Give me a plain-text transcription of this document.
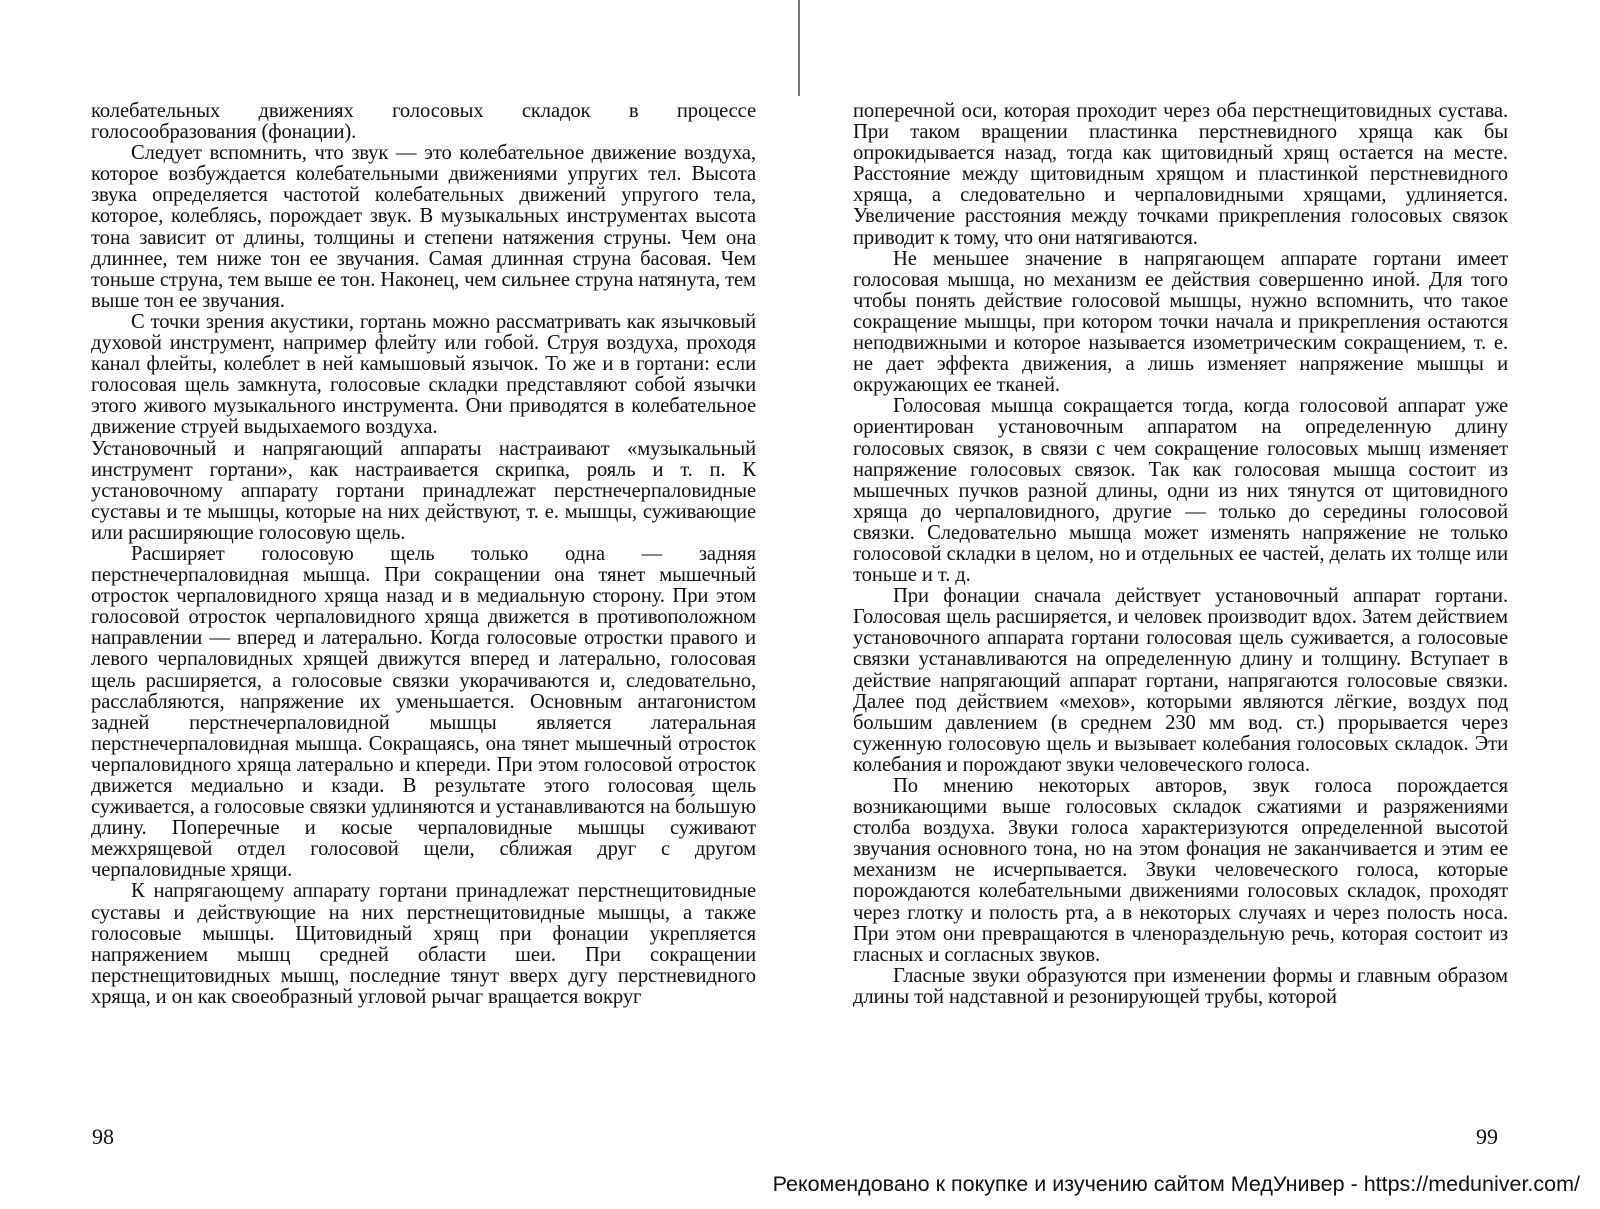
колебательных движениях голосовых складок в процессе голосообразования (фонации).

Следует вспомнить, что звук — это колебательное движение воздуха, которое возбуждается колебательными движениями упругих тел. Высота звука определяется частотой колебательных движений упругого тела, которое, колеблясь, порождает звук. В музыкальных инструментах высота тона зависит от длины, толщины и степени натяжения струны. Чем она длиннее, тем ниже тон ее звучания. Самая длинная струна басовая. Чем тоньше струна, тем выше ее тон. Наконец, чем сильнее струна натянута, тем выше тон ее звучания.

С точки зрения акустики, гортань можно рассматривать как язычковый духовой инструмент, например флейту или гобой. Струя воздуха, проходя канал флейты, колеблет в ней камышовый язычок. То же и в гортани: если голосовая щель замкнута, голосовые складки представляют собой язычки этого живого музыкального инструмента. Они приводятся в колебательное движение струей выдыхаемого воздуха.

Установочный и напрягающий аппараты настраивают «музыкальный инструмент гортани», как настраивается скрипка, рояль и т. п. К установочному аппарату гортани принадлежат перстнечерпаловидные суставы и те мышцы, которые на них действуют, т. е. мышцы, суживающие или расширяющие голосовую щель.

Расширяет голосовую щель только одна — задняя перстнечерпаловидная мышца. При сокращении она тянет мышечный отросток черпаловидного хряща назад и в медиальную сторону. При этом голосовой отросток черпаловидного хряща движется в противоположном направлении — вперед и латерально. Когда голосовые отростки правого и левого черпаловидных хрящей движутся вперед и латерально, голосовая щель расширяется, а голосовые связки укорачиваются и, следовательно, расслабляются, напряжение их уменьшается. Основным антагонистом задней перстнечерпаловидной мышцы является латеральная перстнечерпаловидная мышца. Сокращаясь, она тянет мышечный отросток черпаловидного хряща латерально и кпереди. При этом голосовой отросток движется медиально и кзади. В результате этого голосовая щель суживается, а голосовые связки удлиняются и устанавливаются на бо́льшую длину. Поперечные и косые черпаловидные мышцы суживают межхрящевой отдел голосовой щели, сближая друг с другом черпаловидные хрящи.

К напрягающему аппарату гортани принадлежат перстнещитовидные суставы и действующие на них перстнещитовидные мышцы, а также голосовые мышцы. Щитовидный хрящ при фонации укрепляется напряжением мышц средней области шеи. При сокращении перстнещитовидных мышц, последние тянут вверх дугу перстневидного хряща, и он как своеобразный угловой рычаг вращается вокруг

98

поперечной оси, которая проходит через оба перстнещитовидных сустава. При таком вращении пластинка перстневидного хряща как бы опрокидывается назад, тогда как щитовидный хрящ остается на месте. Расстояние между щитовидным хрящом и пластинкой перстневидного хряща, а следовательно и черпаловидными хрящами, удлиняется. Увеличение расстояния между точками прикрепления голосовых связок приводит к тому, что они натягиваются.

Не меньшее значение в напрягающем аппарате гортани имеет голосовая мышца, но механизм ее действия совершенно иной. Для того чтобы понять действие голосовой мышцы, нужно вспомнить, что такое сокращение мышцы, при котором точки начала и прикрепления остаются неподвижными и которое называется изометрическим сокращением, т. е. не дает эффекта движения, а лишь изменяет напряжение мышцы и окружающих ее тканей.

Голосовая мышца сокращается тогда, когда голосовой аппарат уже ориентирован установочным аппаратом на определенную длину голосовых связок, в связи с чем сокращение голосовых мышц изменяет напряжение голосовых связок. Так как голосовая мышца состоит из мышечных пучков разной длины, одни из них тянутся от щитовидного хряща до черпаловидного, другие — только до середины голосовой связки. Следовательно мышца может изменять напряжение не только голосовой складки в целом, но и отдельных ее частей, делать их толще или тоньше и т. д.

При фонации сначала действует установочный аппарат гортани. Голосовая щель расширяется, и человек производит вдох. Затем действием установочного аппарата гортани голосовая щель суживается, а голосовые связки устанавливаются на определенную длину и толщину. Вступает в действие напрягающий аппарат гортани, напрягаются голосовые связки. Далее под действием «мехов», которыми являются лёгкие, воздух под большим давлением (в среднем 230 мм вод. ст.) прорывается через суженную голосовую щель и вызывает колебания голосовых складок. Эти колебания и порождают звуки человеческого голоса.

По мнению некоторых авторов, звук голоса порождается возникающими выше голосовых складок сжатиями и разряжениями столба воздуха. Звуки голоса характеризуются определенной высотой звучания основного тона, но на этом фонация не заканчивается и этим ее механизм не исчерпывается. Звуки человеческого голоса, которые порождаются колебательными движениями голосовых складок, проходят через глотку и полость рта, а в некоторых случаях и через полость носа. При этом они превращаются в членораздельную речь, которая состоит из гласных и согласных звуков.

Гласные звуки образуются при изменении формы и главным образом длины той надставной и резонирующей трубы, которой

99
Рекомендовано к покупке и изучению сайтом МедУнивер - https://meduniver.com/
